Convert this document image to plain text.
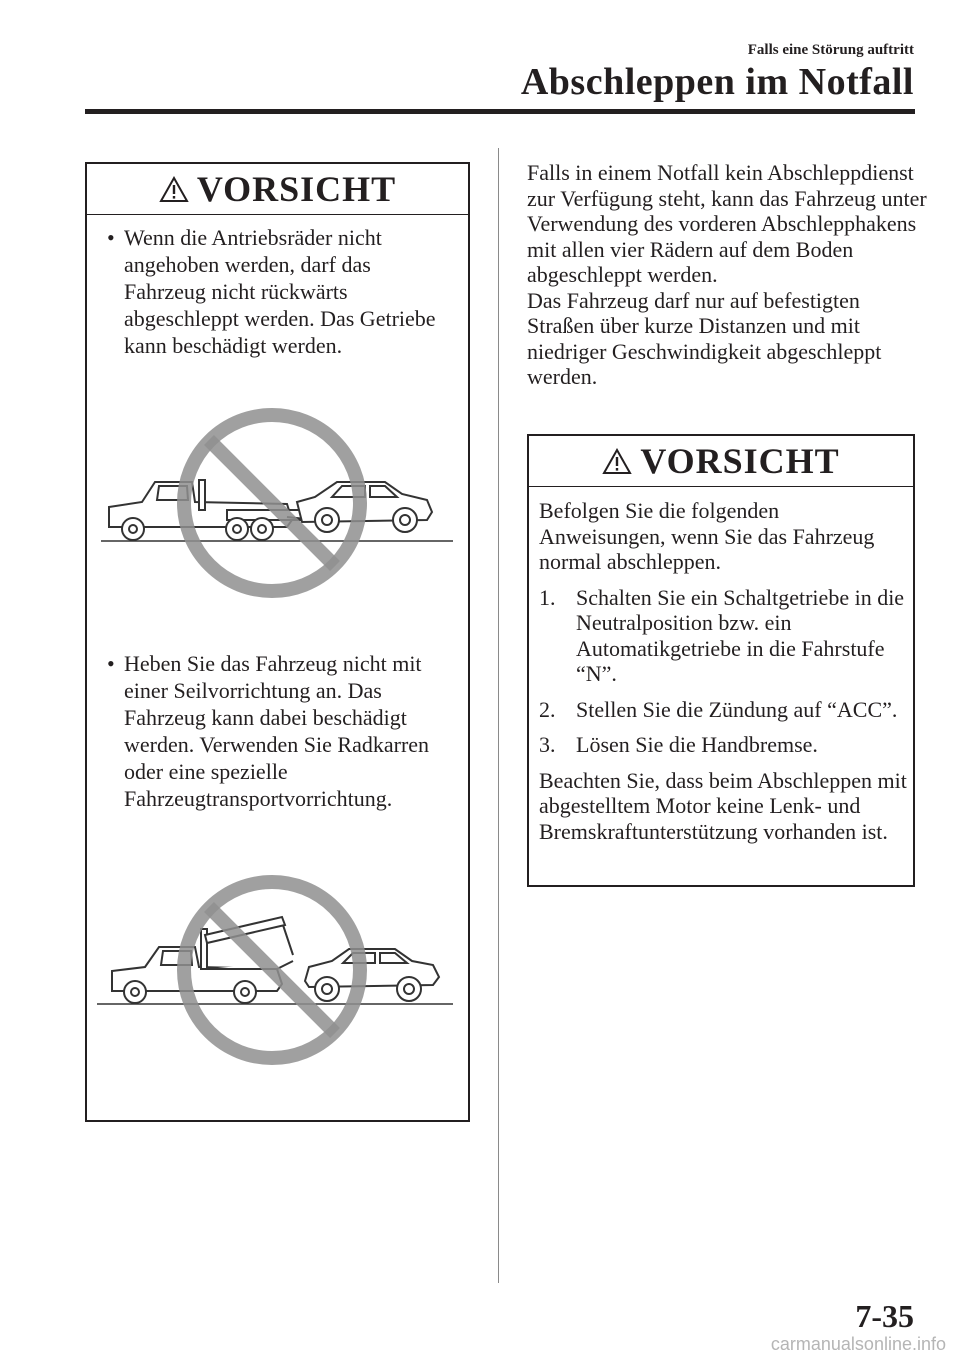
Falls eine Störung auftritt
Abschleppen im Notfall
VORSICHT
• Wenn die Antriebsräder nicht angehoben werden, darf das Fahrzeug nicht rückwärts abgeschleppt werden. Das Getriebe kann beschädigt werden.
• Heben Sie das Fahrzeug nicht mit einer Seilvorrichtung an. Das Fahrzeug kann dabei beschädigt werden. Verwenden Sie Radkarren oder eine spezielle Fahrzeugtransportvorrichtung.

Falls in einem Notfall kein Abschleppdienst zur Verfügung steht, kann das Fahrzeug unter Verwendung des vorderen Abschlepphakens mit allen vier Rädern auf dem Boden abgeschleppt werden.

Das Fahrzeug darf nur auf befestigten Straßen über kurze Distanzen und mit niedriger Geschwindigkeit abgeschleppt werden.

VORSICHT

Befolgen Sie die folgenden Anweisungen, wenn Sie das Fahrzeug normal abschleppen.

1. Schalten Sie ein Schaltgetriebe in die Neutralposition bzw. ein Automatikgetriebe in die Fahrstufe “N”.
2. Stellen Sie die Zündung auf “ACC”.
3. Lösen Sie die Handbremse.

Beachten Sie, dass beim Abschleppen mit abgestelltem Motor keine Lenk- und Bremskraftunterstützung vorhanden ist.

7-35
carmanualsonline.info
